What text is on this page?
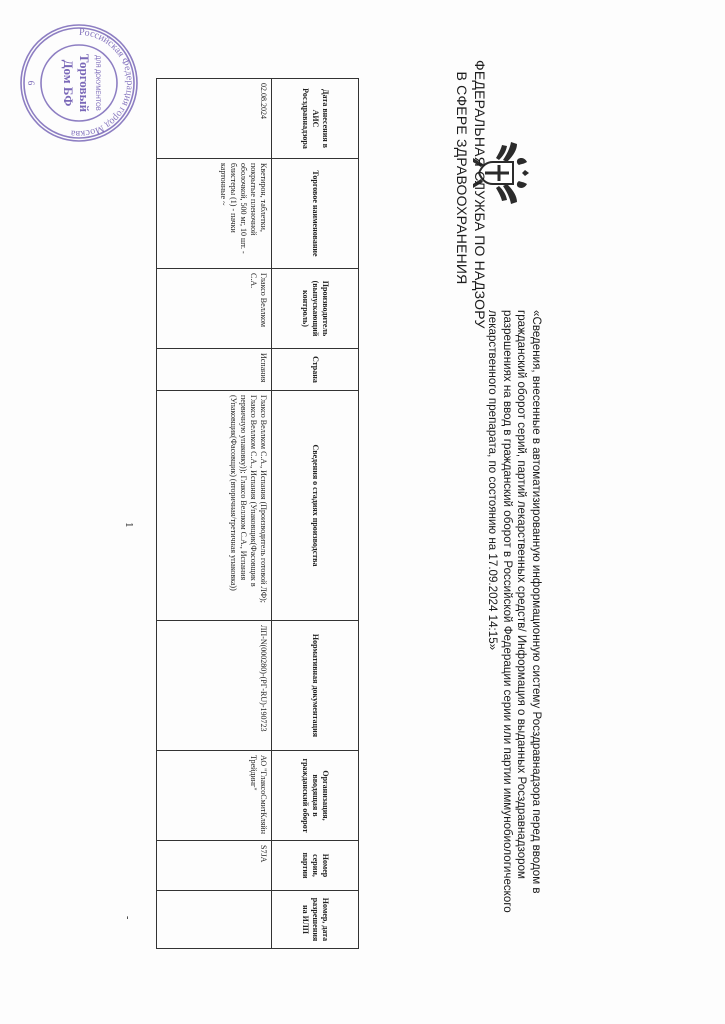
ФЕДЕРАЛЬНАЯ СЛУЖБА ПО НАДЗОРУ
В СФЕРЕ ЗДРАВООХРАНЕНИЯ
«Сведения, внесенные в автоматизированную информационную систему Росздравнадзора перед вводом в гражданский оборот серий, партий лекарственных средств/ Информация о выданных Росздравнадзором разрешениях на ввод в гражданский оборот в Российской Федерации серии или партии иммунобиологического лекарственного препарата, по состоянию на 17.09.2024 14:15»
Дата внесения в АИС Росздравнадзора	Торговое наименование	Производитель (выпускающий контроль)	Страна	Сведения о стадиях производства	Нормативная документация	Организация, вводящая в гражданский оборот	Номер серии, партии	Номер, дата разрешения на ИЛП
02.08.2024	Кветирон, таблетки, покрытые пленочной оболочкой, 500 мг, 10 шт. - блистеры (1) - пачки картонные ~	Глаксо Веллком С.А.	Испания	Глаксо Веллком С.А., Испания (Производитель готовой ЛФ); Глаксо Веллком С.А., Испания (Упаковщик(Фасовщик в первичную упаковку)); Глаксо Веллком С.А., Испания (Упаковщик(Фасовщик) (вторичная/третичная упаковка))	ЛП-N(000280)-(РГ-RU)-190723	АО "ГлаксоСмитКляйн Трейдинг"	S7JA	
Российская Федерация город Москва
ДЛЯ ДОКУМЕНТОВ
Торговый
Дом БФ
6
1
-
